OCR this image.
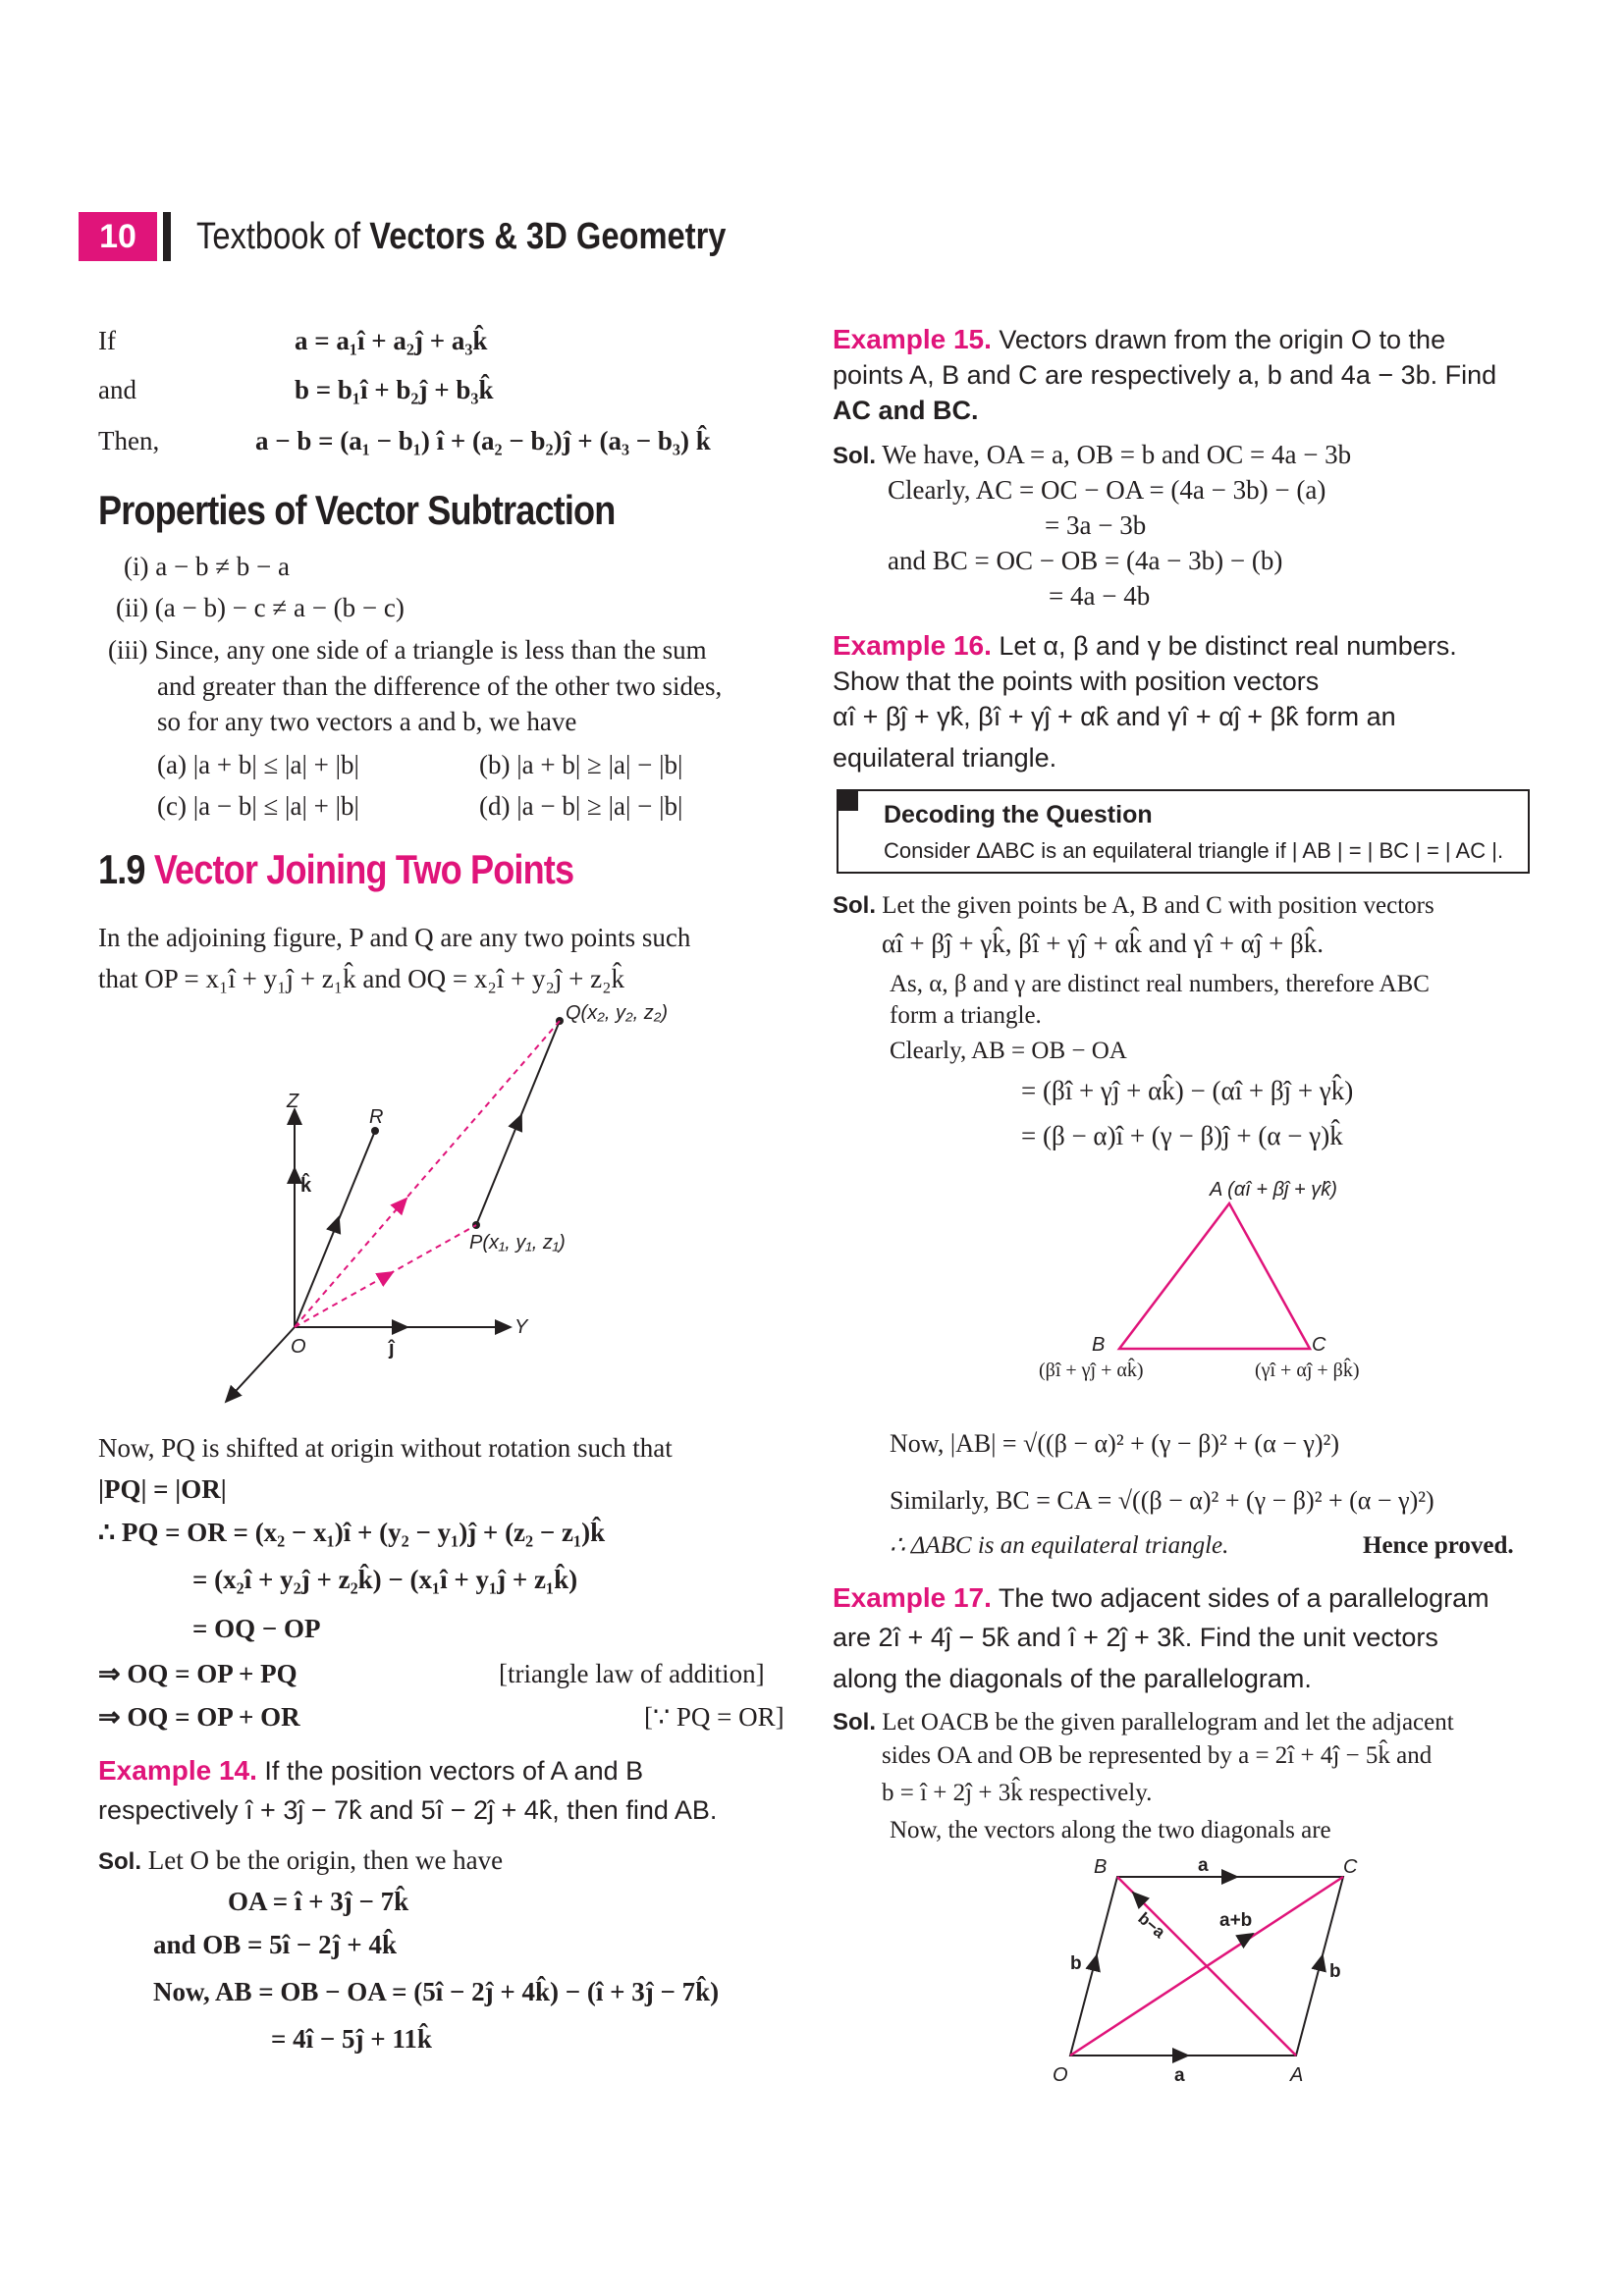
10	Textbook of Vectors & 3D Geometry
If	a = a₁î + a₂ĵ + a₃k̂
and	b = b₁î + b₂ĵ + b₃k̂
Then,	a − b = (a₁ − b₁) î + (a₂ − b₂)ĵ + (a₃ − b₃) k̂
Properties of Vector Subtraction
(i) a − b ≠ b − a
(ii) (a − b) − c ≠ a − (b − c)
(iii) Since, any one side of a triangle is less than the sum
and greater than the difference of the other two sides,
so for any two vectors a and b, we have
(a) |a + b| ≤ |a| + |b|	(b) |a + b| ≥ |a| − |b|
(c) |a − b| ≤ |a| + |b|	(d) |a − b| ≥ |a| − |b|
1.9 Vector Joining Two Points
In the adjoining figure, P and Q are any two points such
that OP = x₁î + y₁ĵ + z₁k̂ and OQ = x₂î + y₂ĵ + z₂k̂
Q(x₂, y₂, z₂)
P(x₁, y₁, z₁)
R
Z
Y
O
k̂
ĵ
Now, PQ is shifted at origin without rotation such that
|PQ| = |OR|
∴ PQ = OR = (x₂ − x₁)î + (y₂ − y₁)ĵ + (z₂ − z₁)k̂
= (x₂î + y₂ĵ + z₂k̂) − (x₁î + y₁ĵ + z₁k̂)
= OQ − OP
⇒ OQ = OP + PQ	[triangle law of addition]
⇒ OQ = OP + OR	[∵ PQ = OR]
Example 14. If the position vectors of A and B
respectively î + 3ĵ − 7k̂ and 5î − 2ĵ + 4k̂, then find AB.
Sol. Let O be the origin, then we have
OA = î + 3ĵ − 7k̂
and OB = 5î − 2ĵ + 4k̂
Now, AB = OB − OA = (5î − 2ĵ + 4k̂) − (î + 3ĵ − 7k̂)
= 4î − 5ĵ + 11k̂
Example 15. Vectors drawn from the origin O to the
points A, B and C are respectively a, b and 4a − 3b. Find
AC and BC.
Sol. We have, OA = a, OB = b and OC = 4a − 3b
Clearly, AC = OC − OA = (4a − 3b) − (a)
= 3a − 3b
and BC = OC − OB = (4a − 3b) − (b)
= 4a − 4b
Example 16. Let α, β and γ be distinct real numbers.
Show that the points with position vectors
αî + βĵ + γk̂, βî + γĵ + αk̂ and γî + αĵ + βk̂ form an
equilateral triangle.
Decoding the Question
Consider ΔABC is an equilateral triangle if | AB | = | BC | = | AC |.
Sol. Let the given points be A, B and C with position vectors
αî + βĵ + γk̂, βî + γĵ + αk̂ and γî + αĵ + βk̂.
As, α, β and γ are distinct real numbers, therefore ABC
form a triangle.
Clearly, AB = OB − OA
= (βî + γĵ + αk̂) − (αî + βĵ + γk̂)
= (β − α)î + (γ − β)ĵ + (α − γ)k̂
A (αî + βĵ + γk̂)
B
(βî + γĵ + αk̂)
C
(γî + αĵ + βk̂)
Now, |AB| = √((β − α)² + (γ − β)² + (α − γ)²)
Similarly, BC = CA = √((β − α)² + (γ − β)² + (α − γ)²)
∴ ΔABC is an equilateral triangle.	Hence proved.
Example 17. The two adjacent sides of a parallelogram
are 2î + 4ĵ − 5k̂ and î + 2ĵ + 3k̂. Find the unit vectors
along the diagonals of the parallelogram.
Sol. Let OACB be the given parallelogram and let the adjacent
sides OA and OB be represented by a = 2î + 4ĵ − 5k̂ and
b = î + 2ĵ + 3k̂ respectively.
Now, the vectors along the two diagonals are
B	C
O	A
a
a
b	b
a+b
b−a
